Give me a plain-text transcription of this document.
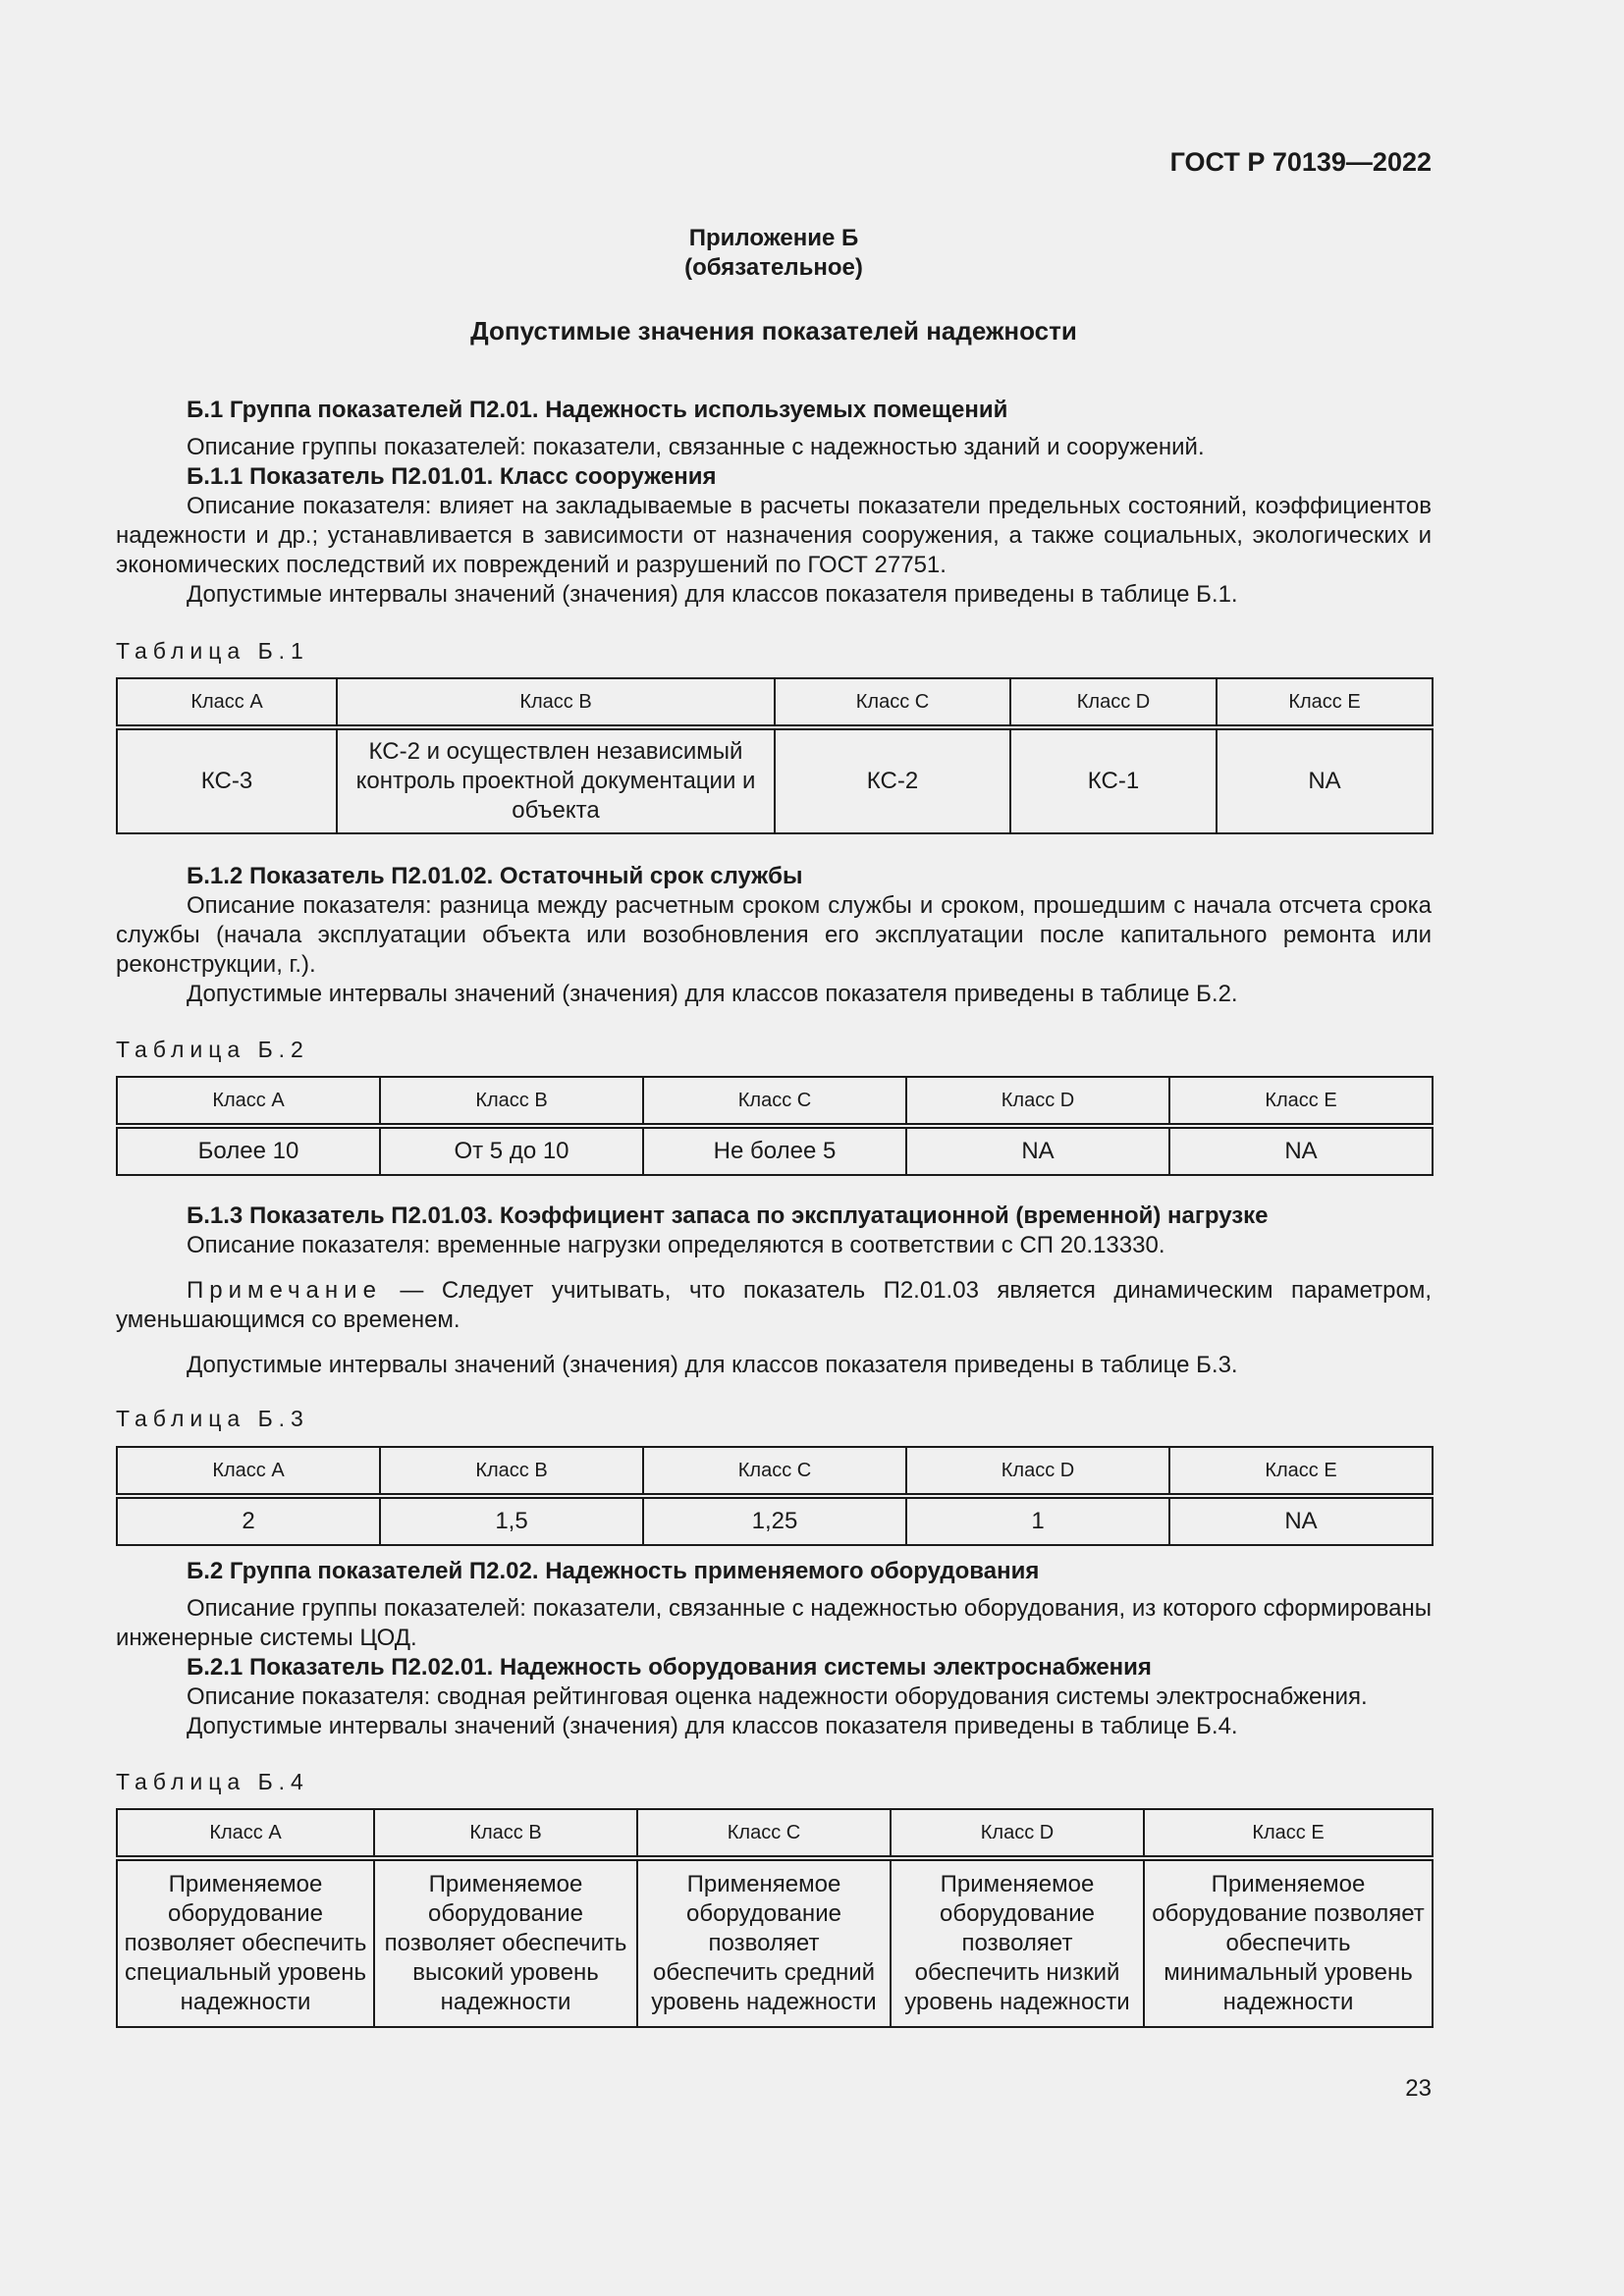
ГОСТ Р 70139—2022
Приложение Б
(обязательное)
Допустимые значения показателей надежности
Б.1 Группа показателей П2.01. Надежность используемых помещений
Описание группы показателей: показатели, связанные с надежностью зданий и сооружений.
Б.1.1 Показатель П2.01.01. Класс сооружения
Описание показателя: влияет на закладываемые в расчеты показатели предельных состояний, коэффициентов надежности и др.; устанавливается в зависимости от назначения сооружения, а также социальных, экологических и экономических последствий их повреждений и разрушений по ГОСТ 27751.
Допустимые интервалы значений (значения) для классов показателя приведены в таблице Б.1.
Таблица Б.1
Класс А	Класс В	Класс С	Класс D	Класс Е
КС-3	КС-2 и осуществлен независимый контроль проектной документации и объекта	КС-2	КС-1	NA
Б.1.2 Показатель П2.01.02. Остаточный срок службы
Описание показателя: разница между расчетным сроком службы и сроком, прошедшим с начала отсчета срока службы (начала эксплуатации объекта или возобновления его эксплуатации после капитального ремонта или реконструкции, г.).
Допустимые интервалы значений (значения) для классов показателя приведены в таблице Б.2.
Таблица Б.2
Класс А	Класс В	Класс С	Класс D	Класс Е
Более 10	От 5 до 10	Не более 5	NA	NA
Б.1.3 Показатель П2.01.03. Коэффициент запаса по эксплуатационной (временной) нагрузке
Описание показателя: временные нагрузки определяются в соответствии с СП 20.13330.
Примечание — Следует учитывать, что показатель П2.01.03 является динамическим параметром, уменьшающимся со временем.
Допустимые интервалы значений (значения) для классов показателя приведены в таблице Б.3.
Таблица Б.3
Класс А	Класс В	Класс С	Класс D	Класс Е
2	1,5	1,25	1	NA
Б.2 Группа показателей П2.02. Надежность применяемого оборудования
Описание группы показателей: показатели, связанные с надежностью оборудования, из которого сформированы инженерные системы ЦОД.
Б.2.1 Показатель П2.02.01. Надежность оборудования системы электроснабжения
Описание показателя: сводная рейтинговая оценка надежности оборудования системы электроснабжения.
Допустимые интервалы значений (значения) для классов показателя приведены в таблице Б.4.
Таблица Б.4
Класс А	Класс В	Класс С	Класс D	Класс Е
Применяемое оборудование позволяет обеспечить специальный уровень надежности	Применяемое оборудование позволяет обеспечить высокий уровень надежности	Применяемое оборудование позволяет обеспечить средний уровень надежности	Применяемое оборудование позволяет обеспечить низкий уровень надежности	Применяемое оборудование позволяет обеспечить минимальный уровень надежности
23
